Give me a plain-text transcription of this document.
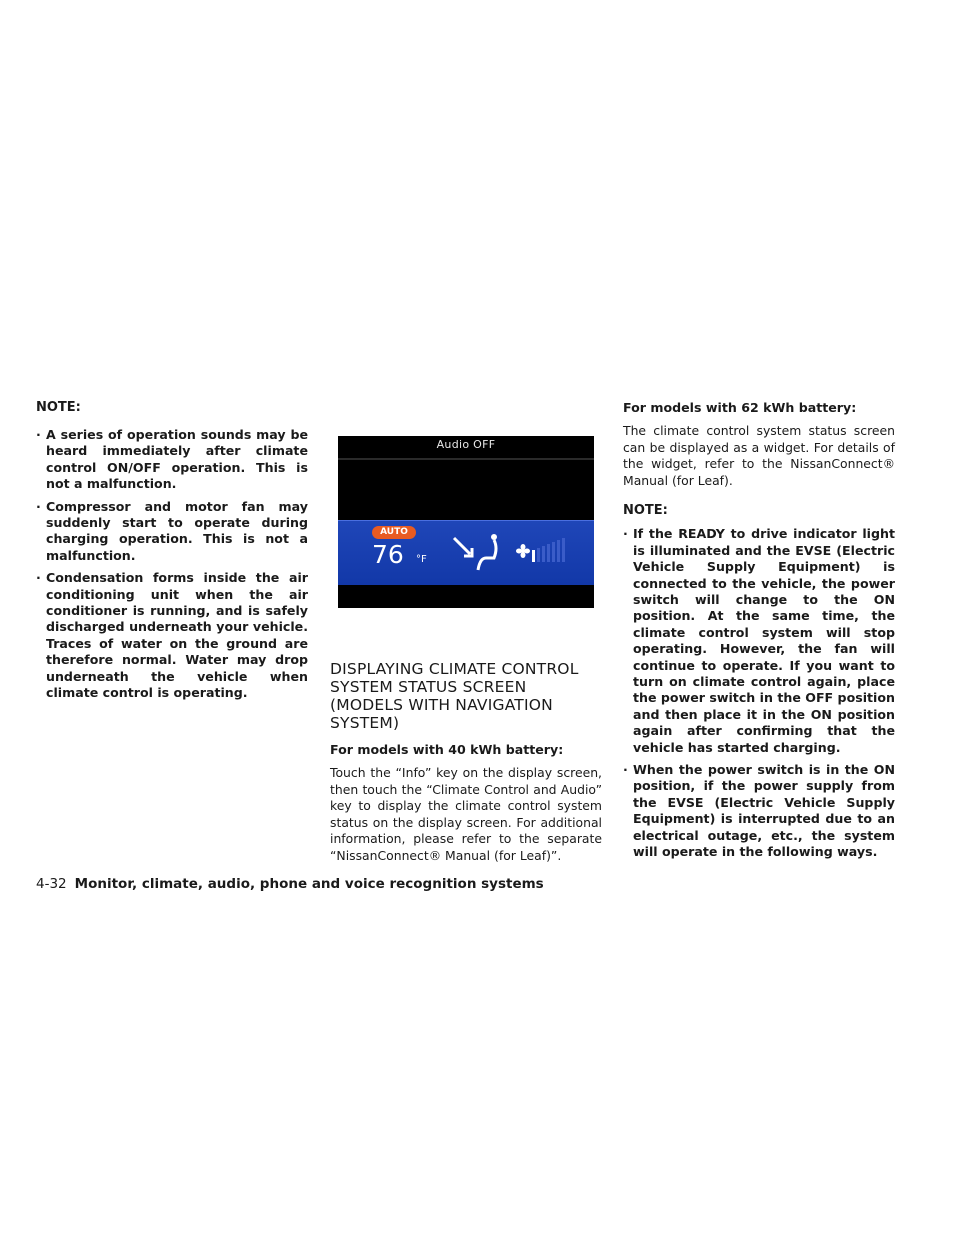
NOTE:
· A series of operation sounds may be heard immediately after climate control ON/OFF operation. This is not a malfunction.
· Compressor and motor fan may suddenly start to operate during charging operation. This is not a malfunction.
· Condensation forms inside the air conditioning unit when the air conditioner is running, and is safely discharged underneath your vehicle. Traces of water on the ground are therefore normal. Water may drop underneath the vehicle when climate control is operating.
Audio OFF
AUTO
76 °F
DISPLAYING CLIMATE CONTROL SYSTEM STATUS SCREEN (MODELS WITH NAVIGATION SYSTEM)
For models with 40 kWh battery:

Touch the “Info” key on the display screen, then touch the “Climate Control and Audio” key to display the climate control system status on the display screen. For additional information, please refer to the separate “NissanConnect® Manual (for Leaf)”.

For models with 62 kWh battery:

The climate control system status screen can be displayed as a widget. For details of the widget, refer to the NissanConnect® Manual (for Leaf).

NOTE:
· If the READY to drive indicator light is illuminated and the EVSE (Electric Vehicle Supply Equipment) is connected to the vehicle, the power switch will change to the ON position. At the same time, the climate control system will stop operating. However, the fan will continue to operate. If you want to turn on climate control again, place the power switch in the OFF position and then place it in the ON position again after confirming that the vehicle has started charging.
· When the power switch is in the ON position, if the power supply from the EVSE (Electric Vehicle Supply Equipment) is interrupted due to an electrical outage, etc., the system will operate in the following ways.
4-32 Monitor, climate, audio, phone and voice recognition systems
